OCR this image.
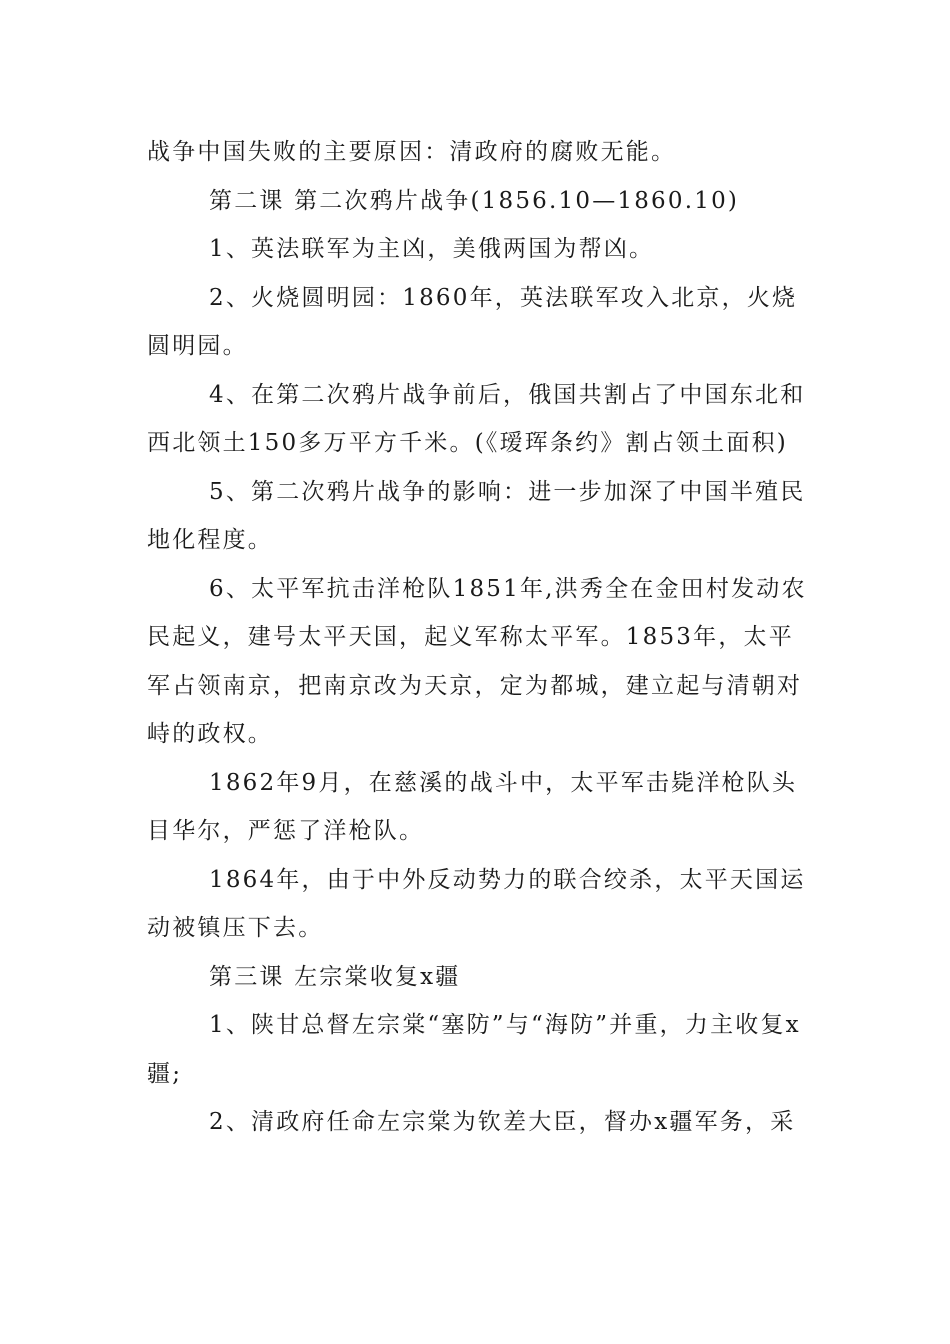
战争中国失败的主要原因：清政府的腐败无能。

第二课 第二次鸦片战争(1856.10—1860.10)

1、英法联军为主凶，美俄两国为帮凶。

2、火烧圆明园：1860年，英法联军攻入北京，火烧圆明园。

4、在第二次鸦片战争前后，俄国共割占了中国东北和西北领土150多万平方千米。(《瑷珲条约》割占领土面积)

5、第二次鸦片战争的影响：进一步加深了中国半殖民地化程度。

6、太平军抗击洋枪队1851年,洪秀全在金田村发动农民起义，建号太平天国，起义军称太平军。1853年，太平军占领南京，把南京改为天京，定为都城，建立起与清朝对峙的政权。

1862年9月，在慈溪的战斗中，太平军击毙洋枪队头目华尔，严惩了洋枪队。

1864年，由于中外反动势力的联合绞杀，太平天国运动被镇压下去。

第三课 左宗棠收复x疆

1、陕甘总督左宗棠“塞防”与“海防”并重，力主收复x疆;

2、清政府任命左宗棠为钦差大臣，督办x疆军务，采
